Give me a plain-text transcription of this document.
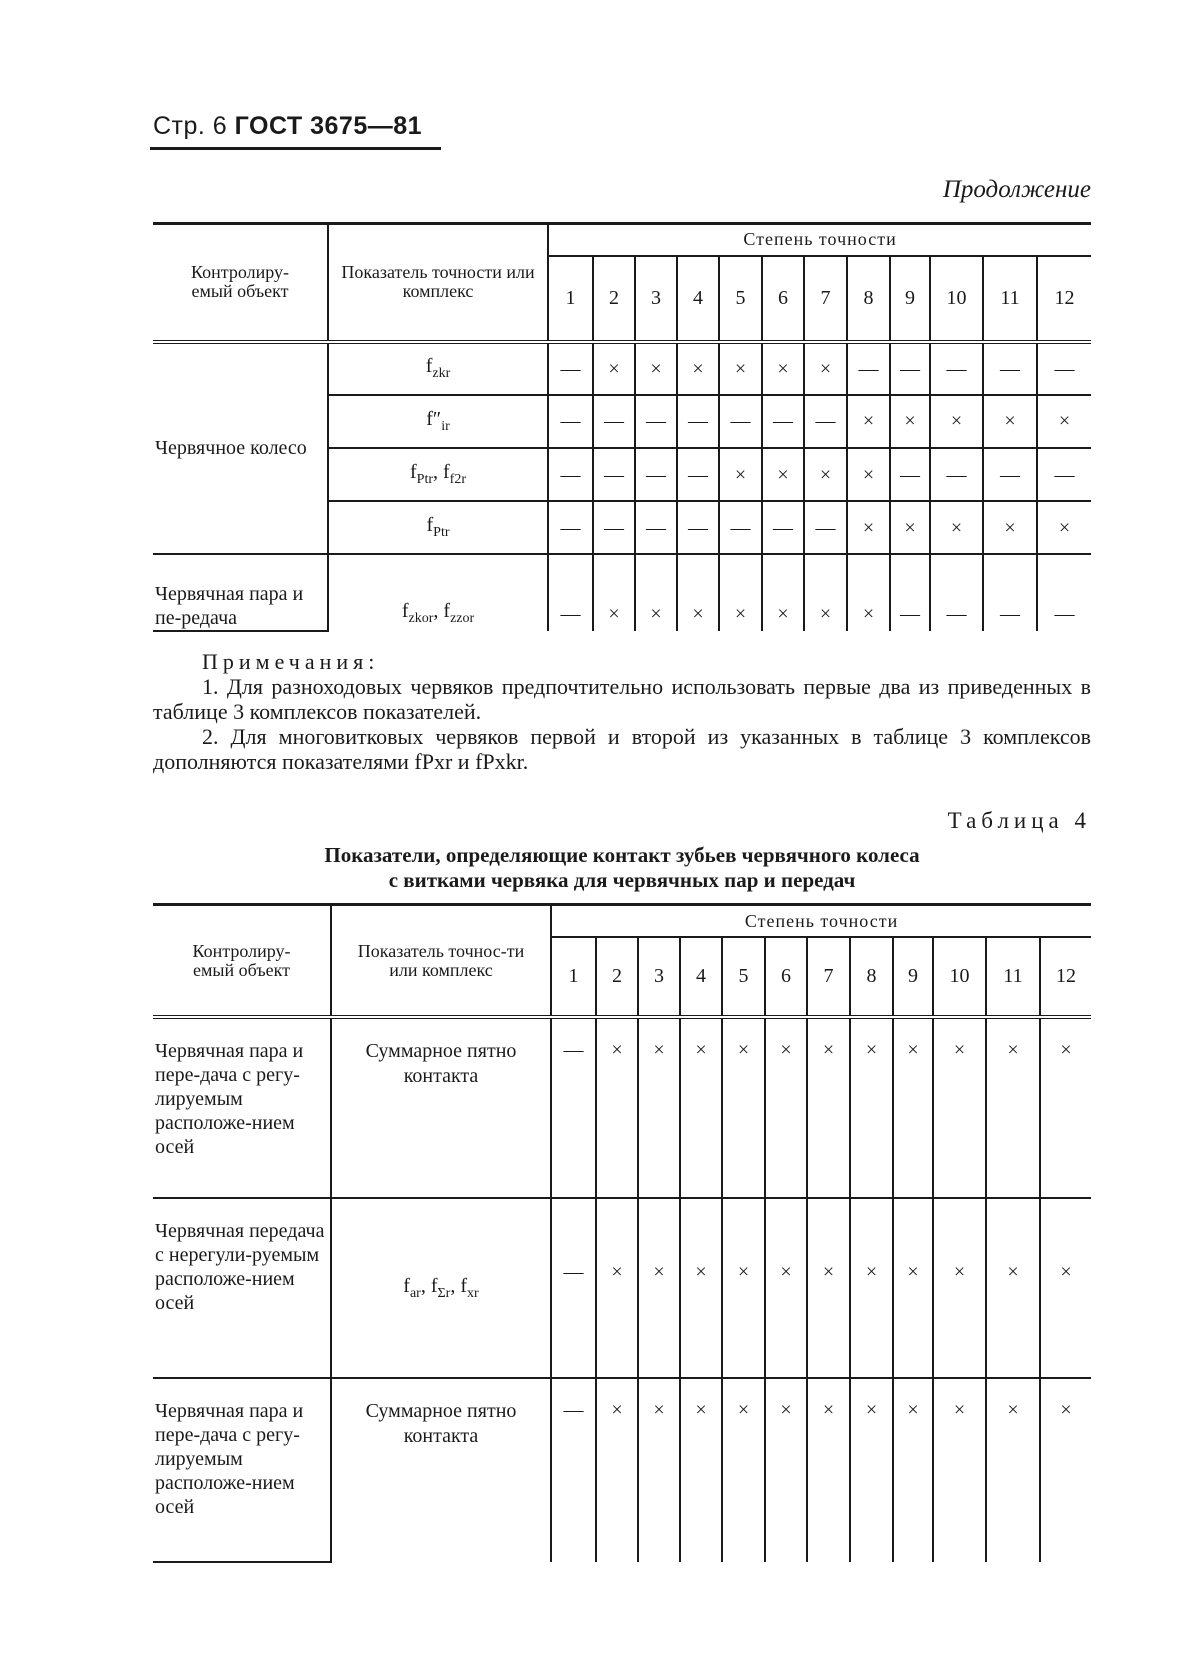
Стр. 6 ГОСТ 3675—81
Продолжение
Контролиру-емый объект	Показатель точности или комплекс	Степень точности											
		1	2	3	4	5	6	7	8	9	10	11	12
Червячное колесо	$f_{zkr}$	—	×	×	×	×	×	×	—	—	—	—	—
	$f''_{ir}$	—	—	—	—	—	—	—	×	×	×	×	×
	$f_{Ptr}$, $f_{f2r}$	—	—	—	—	×	×	×	×	—	—	—	—
	$f_{Ptr}$	—	—	—	—	—	—	—	×	×	×	×	×
Червячная пара и пе-редача	$f_{zkor}$, $f_{zzor}$	—	×	×	×	×	×	×	×	—	—	—	—
Примечания:
1. Для разноходовых червяков предпочтительно использовать первые два из приведенных в таблице 3 комплексов показателей.
2. Для многовитковых червяков первой и второй из указанных в таблице 3 комплексов дополняются показателями fPxr и fPxkr.
Таблица 4
Показатели, определяющие контакт зубьев червячного колеса
с витками червяка для червячных пар и передач
Контролиру-емый объект	Показатель точнос-ти или комплекс	Степень точности											
		1	2	3	4	5	6	7	8	9	10	11	12
Червячная пара и пере-дача с регу-лируемым расположе-нием осей	Суммарное пятно контакта	—	×	×	×	×	×	×	×	×	×	×	×
Червячная передача с нерегули-руемым расположе-нием осей	$f_{ar}$, $f_{\Sigma r}$, $f_{xr}$	—	×	×	×	×	×	×	×	×	×	×	×
Червячная пара и пере-дача с регу-лируемым расположе-нием осей	Суммарное пятно контакта	—	×	×	×	×	×	×	×	×	×	×	×
